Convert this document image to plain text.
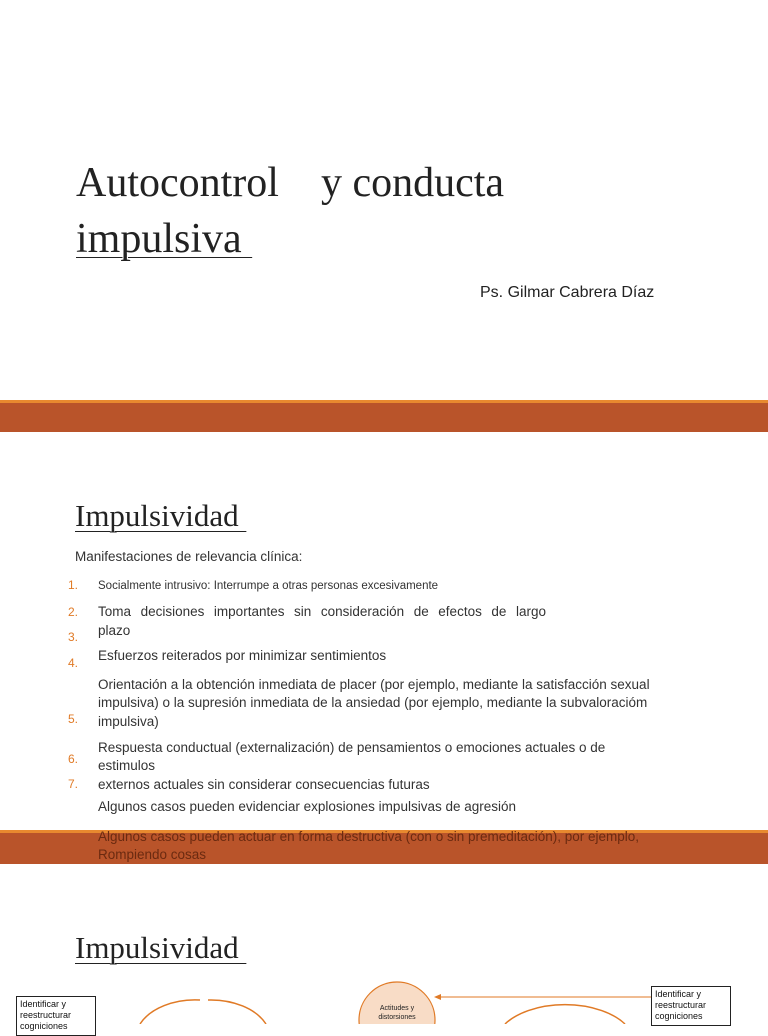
Autocontrol    y conducta
impulsiva
Ps. Gilmar Cabrera Díaz
Impulsividad
Manifestaciones de relevancia clínica:
1.
2.
3.
4.
5.
6.
7.
Socialmente intrusivo: Interrumpe a otras personas excesivamente
Toma decisiones importantes sin consideración de efectos de largo
plazo
Esfuerzos reiterados por minimizar sentimientos
Orientación a la obtención inmediata de placer (por ejemplo, mediante la satisfacción sexual
impulsiva) o la supresión inmediata de la ansiedad (por ejemplo, mediante la subvaloracióm
impulsiva)
Respuesta conductual (externalización) de pensamientos o emociones actuales o de
estimulos
externos actuales sin considerar consecuencias futuras
Algunos casos pueden evidenciar explosiones impulsivas de agresión
Algunos casos pueden actuar en forma destructiva (con o sin premeditación), por ejemplo,
Rompiendo cosas
Impulsividad
Actitudes y
distorsiones
Identificar y
reestructurar
cogniciones
Identificar y
reestructurar
cogniciones
